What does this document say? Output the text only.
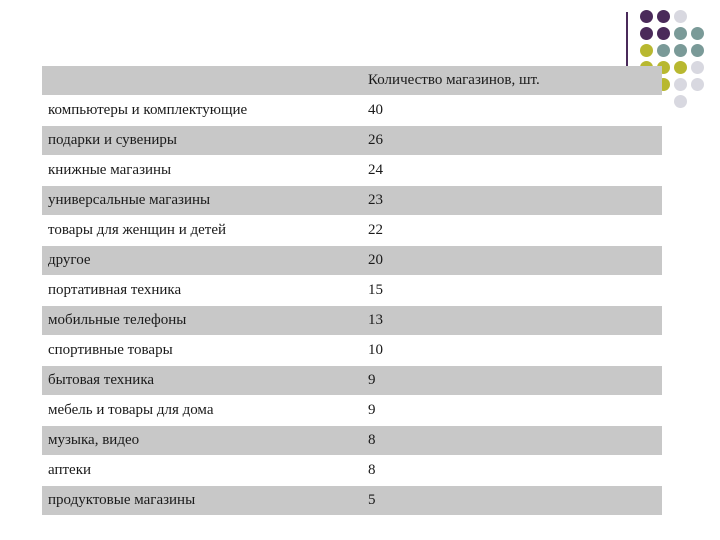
	Количество магазинов, шт.
компьютеры и комплектующие	40
подарки и сувениры	26
книжные магазины	24
универсальные магазины	23
товары для женщин и детей	22
другое	20
портативная техника	15
мобильные телефоны	13
спортивные товары	10
бытовая техника	9
мебель и товары для дома	9
музыка, видео	8
аптеки	8
продуктовые магазины	5
